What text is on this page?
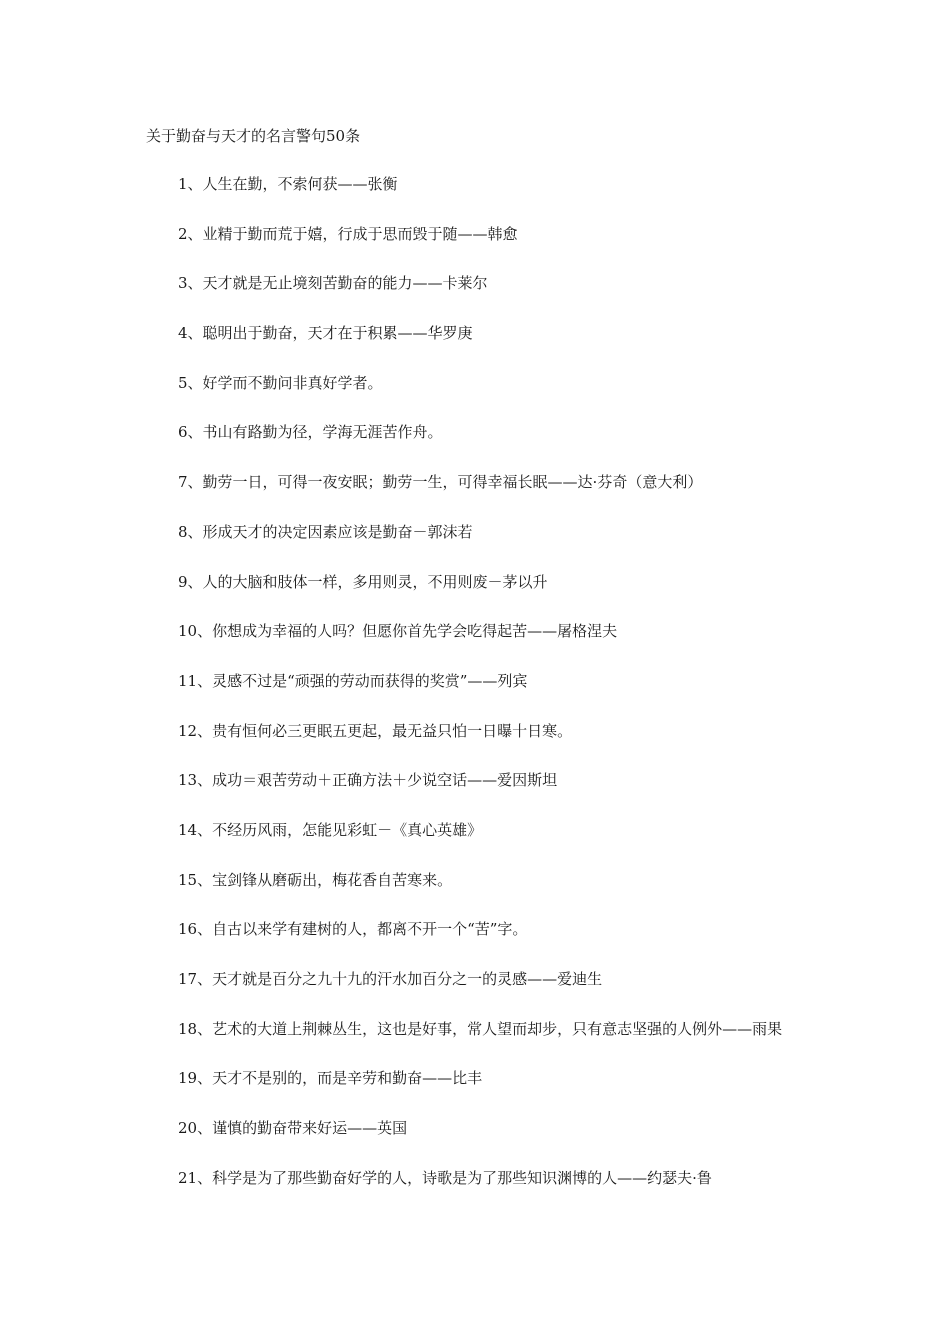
关于勤奋与天才的名言警句50条

1、人生在勤，不索何获——张衡

2、业精于勤而荒于嬉，行成于思而毁于随——韩愈

3、天才就是无止境刻苦勤奋的能力——卡莱尔

4、聪明出于勤奋，天才在于积累——华罗庚

5、好学而不勤问非真好学者。

6、书山有路勤为径，学海无涯苦作舟。

7、勤劳一日，可得一夜安眠；勤劳一生，可得幸福长眠——达·芬奇（意大利）

8、形成天才的决定因素应该是勤奋－郭沫若

9、人的大脑和肢体一样，多用则灵，不用则废－茅以升

10、你想成为幸福的人吗？但愿你首先学会吃得起苦——屠格涅夫

11、灵感不过是“顽强的劳动而获得的奖赏”——列宾

12、贵有恒何必三更眠五更起，最无益只怕一日曝十日寒。

13、成功＝艰苦劳动＋正确方法＋少说空话——爱因斯坦

14、不经历风雨，怎能见彩虹－《真心英雄》

15、宝剑锋从磨砺出，梅花香自苦寒来。

16、自古以来学有建树的人，都离不开一个“苦”字。

17、天才就是百分之九十九的汗水加百分之一的灵感——爱迪生

18、艺术的大道上荆棘丛生，这也是好事，常人望而却步，只有意志坚强的人例外——雨果

19、天才不是别的，而是辛劳和勤奋——比丰

20、谨慎的勤奋带来好运——英国

21、科学是为了那些勤奋好学的人，诗歌是为了那些知识渊博的人——约瑟夫·鲁
